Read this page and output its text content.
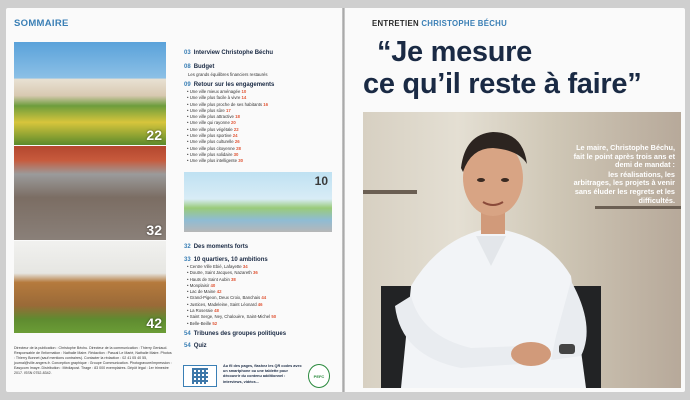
SOMMAIRE
22
32
42
10
03 Interview Christophe Béchu
08 Budget
Les grands équilibres financiers restaurés
09 Retour sur les engagements
• Une ville mieux aménagée 10
• Une ville plus facile à vivre 14
• Une ville plus proche de ses habitants 16
• Une ville plus sûre 17
• Une ville plus attractive 18
• Une ville qui rayonne 20
• Une ville plus végétale 22
• Une ville plus sportive 24
• Une ville plus culturelle 26
• Une ville plus citoyenne 28
• Une ville plus solidaire 30
• Une ville plus intelligente 30
32 Des moments forts
33 10 quartiers, 10 ambitions
• Centre Ville Ebié, Lafayette 34
• Doutre, Saint Jacques, Nazareth 36
• Hauts de Saint Aubin 38
• Monplaisir 40
• Lac de Maine 42
• Grand-Pigeon, Deux Croix, Banchais 44
• Justices, Madeleine, Saint Léonard 46
• La Roseraie 48
• Saint Serge, Ney, Chalouère, Saint-Michel 50
• Belle-Beille 52
54 Tribunes des groupes politiques
54 Quiz
Directeur de la publication : Christophe Béchu. Directeur de la communication : Thierry Geniaud. Responsable de l'information : Nathalie Maire. Rédaction : Pascal Le Marié, Nathalie Maire. Photos : Thierry Bonnet (sauf mentions contraires). Contacter la rédaction : 02 41 05 40 55, journal@ville.angers.fr. Conception graphique : Groupe Communication. Photogravure/impression : Easycom Imaye. Distribution : Médiapost. Tirage : 83 000 exemplaires. Dépôt légal : 1er trimestre 2017. ISSN 0752-8342.
Au fil des pages, flashez les QR codes avec un smartphone ou une tablette pour découvrir du contenu additionnel : interviews, vidéos...
PEFC
ENTRETIEN CHRISTOPHE BÉCHU
“Je mesure
ce qu’il reste à faire”
Le maire, Christophe Béchu, fait le point après trois ans et demi de mandat :
les réalisations, les arbitrages, les projets à venir sans éluder les regrets et les difficultés.
